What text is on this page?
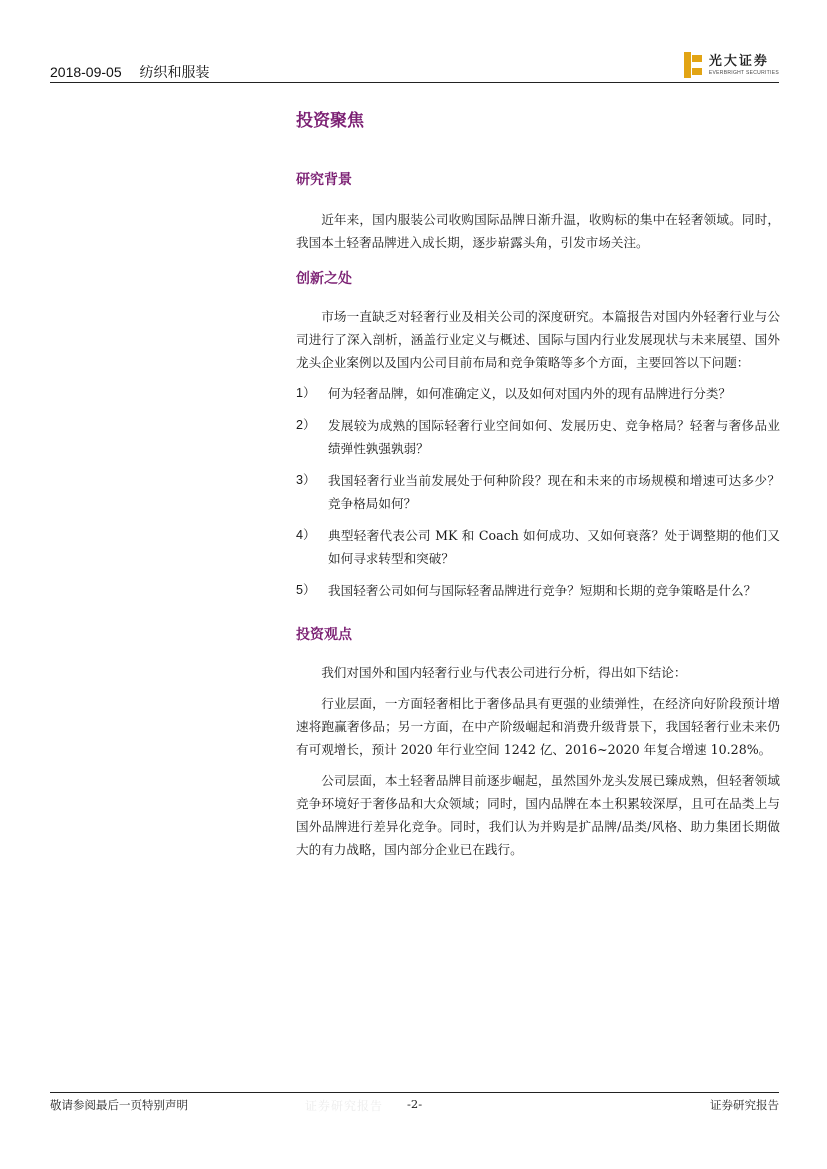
2018-09-05 纺织和服装
光大证券
EVERBRIGHT SECURITIES
投资聚焦
研究背景

近年来，国内服装公司收购国际品牌日渐升温，收购标的集中在轻奢领域。同时，我国本土轻奢品牌进入成长期，逐步崭露头角，引发市场关注。

创新之处

市场一直缺乏对轻奢行业及相关公司的深度研究。本篇报告对国内外轻奢行业与公司进行了深入剖析，涵盖行业定义与概述、国际与国内行业发展现状与未来展望、国外龙头企业案例以及国内公司目前布局和竞争策略等多个方面，主要回答以下问题：

1） 何为轻奢品牌，如何准确定义，以及如何对国内外的现有品牌进行分类？
2） 发展较为成熟的国际轻奢行业空间如何、发展历史、竞争格局？轻奢与奢侈品业绩弹性孰强孰弱？
3） 我国轻奢行业当前发展处于何种阶段？现在和未来的市场规模和增速可达多少？竞争格局如何？
4） 典型轻奢代表公司 MK 和 Coach 如何成功、又如何衰落？处于调整期的他们又如何寻求转型和突破？
5） 我国轻奢公司如何与国际轻奢品牌进行竞争？短期和长期的竞争策略是什么？
投资观点

我们对国外和国内轻奢行业与代表公司进行分析，得出如下结论：

行业层面，一方面轻奢相比于奢侈品具有更强的业绩弹性，在经济向好阶段预计增速将跑赢奢侈品；另一方面，在中产阶级崛起和消费升级背景下，我国轻奢行业未来仍有可观增长，预计 2020 年行业空间 1242 亿、2016~2020 年复合增速 10.28%。

公司层面，本土轻奢品牌目前逐步崛起，虽然国外龙头发展已臻成熟，但轻奢领域竞争环境好于奢侈品和大众领域；同时，国内品牌在本土积累较深厚，且可在品类上与国外品牌进行差异化竞争。同时，我们认为并购是扩品牌/品类/风格、助力集团长期做大的有力战略，国内部分企业已在践行。

敬请参阅最后一页特别声明	证券研究报告 -2-	证券研究报告
